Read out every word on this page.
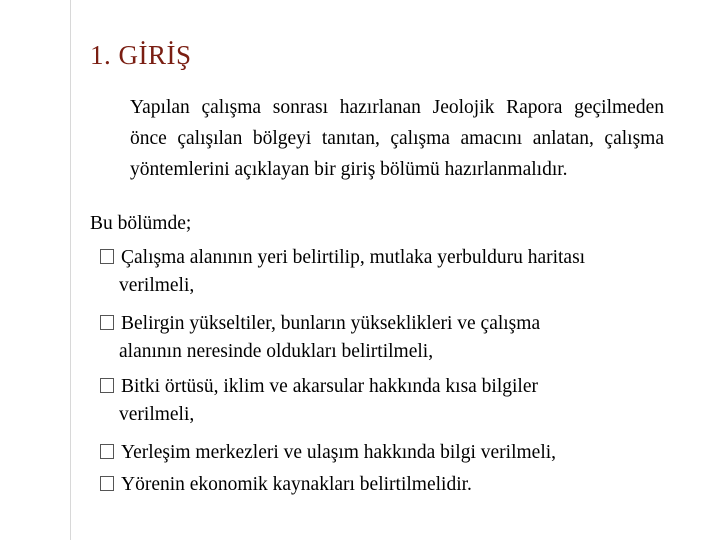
1. GİRİŞ
Yapılan çalışma sonrası hazırlanan Jeolojik Rapora geçilmeden önce çalışılan bölgeyi tanıtan, çalışma amacını anlatan, çalışma yöntemlerini açıklayan bir giriş bölümü hazırlanmalıdır.
Bu bölümde;
Çalışma alanının yeri belirtilip, mutlaka yerbulduru haritası
verilmeli,
Belirgin yükseltiler, bunların yükseklikleri ve çalışma
alanının neresinde oldukları belirtilmeli,
Bitki örtüsü, iklim ve akarsular hakkında kısa bilgiler
verilmeli,
Yerleşim merkezleri ve ulaşım hakkında bilgi verilmeli,
Yörenin ekonomik kaynakları belirtilmelidir.
